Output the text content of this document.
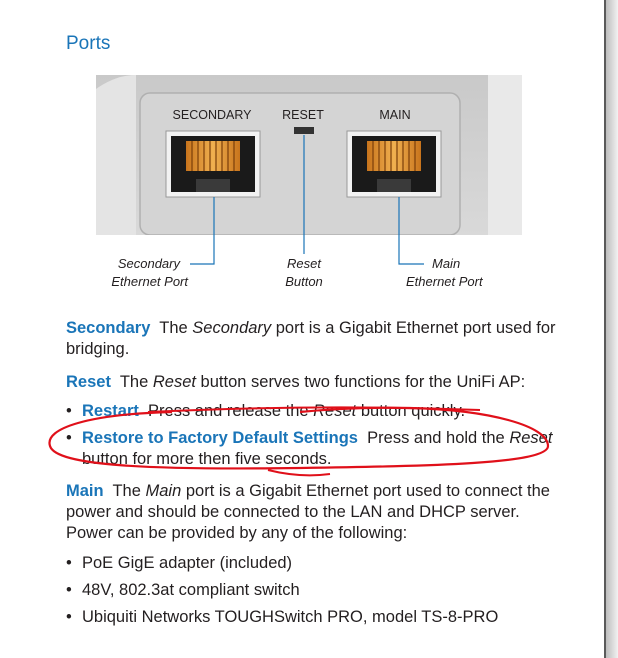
Ports
SECONDARY RESET	MAIN
Secondary
Ethernet Port
Reset
Button
Main
Ethernet Port
Secondary The Secondary port is a Gigabit Ethernet port used for bridging.
Reset The Reset button serves two functions for the UniFi AP:
• Restart Press and release the Reset button quickly.
• Restore to Factory Default Settings Press and hold the Reset button for more then five seconds.
Main The Main port is a Gigabit Ethernet port used to connect the power and should be connected to the LAN and DHCP server. Power can be provided by any of the following:
• PoE GigE adapter (included)
• 48V, 802.3at compliant switch
• Ubiquiti Networks TOUGHSwitch PRO, model TS-8-PRO
